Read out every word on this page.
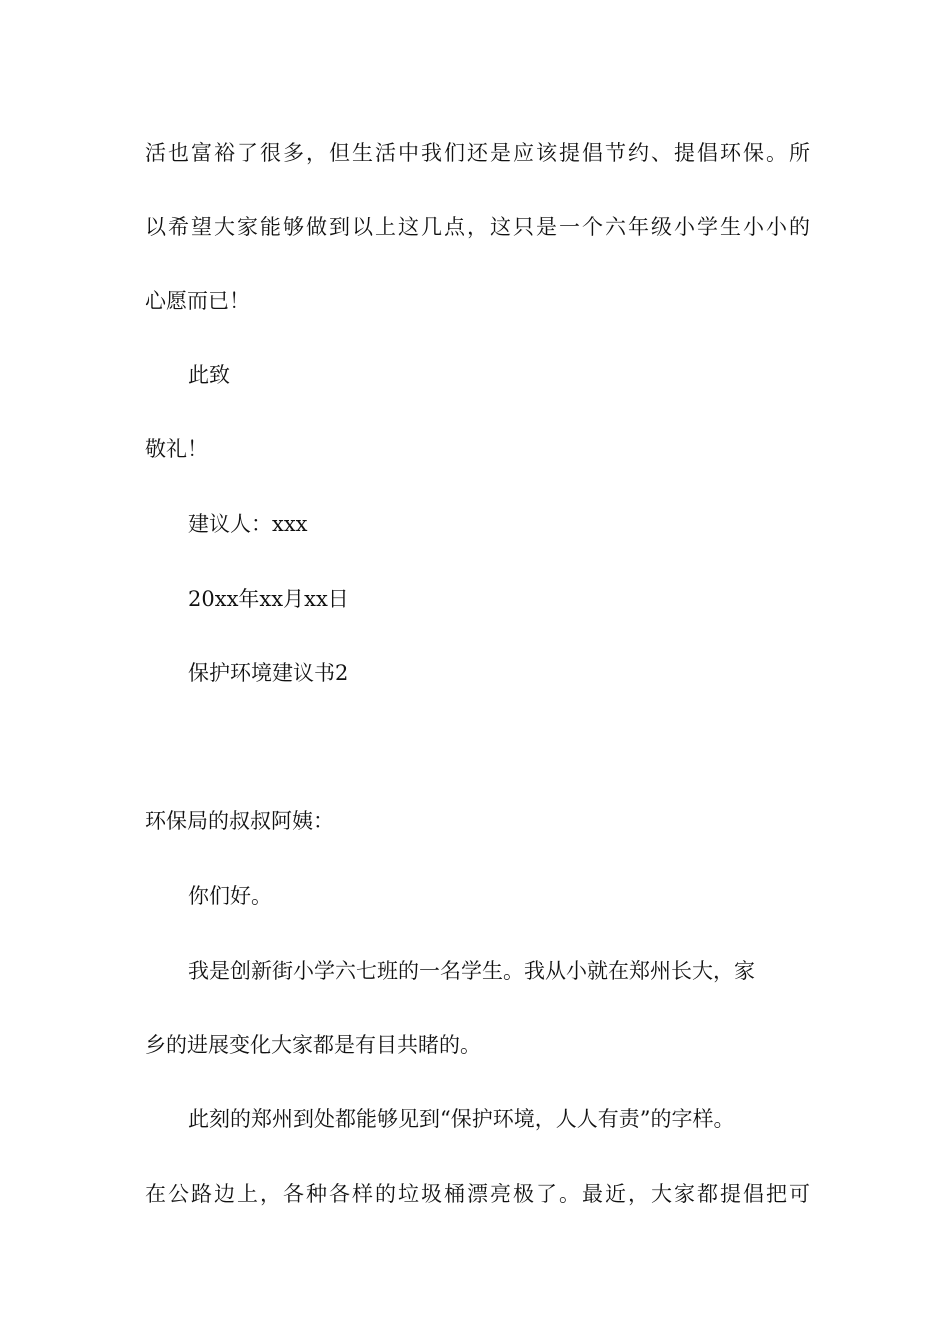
活也富裕了很多，但生活中我们还是应该提倡节约、提倡环保。所
以希望大家能够做到以上这几点，这只是一个六年级小学生小小的
心愿而已！
此致
敬礼！
建议人：xxx
20xx年xx月xx日
保护环境建议书2
环保局的叔叔阿姨：
你们好。
我是创新街小学六七班的一名学生。我从小就在郑州长大，家
乡的进展变化大家都是有目共睹的。
此刻的郑州到处都能够见到“保护环境，人人有责”的字样。
在公路边上，各种各样的垃圾桶漂亮极了。最近，大家都提倡把可
